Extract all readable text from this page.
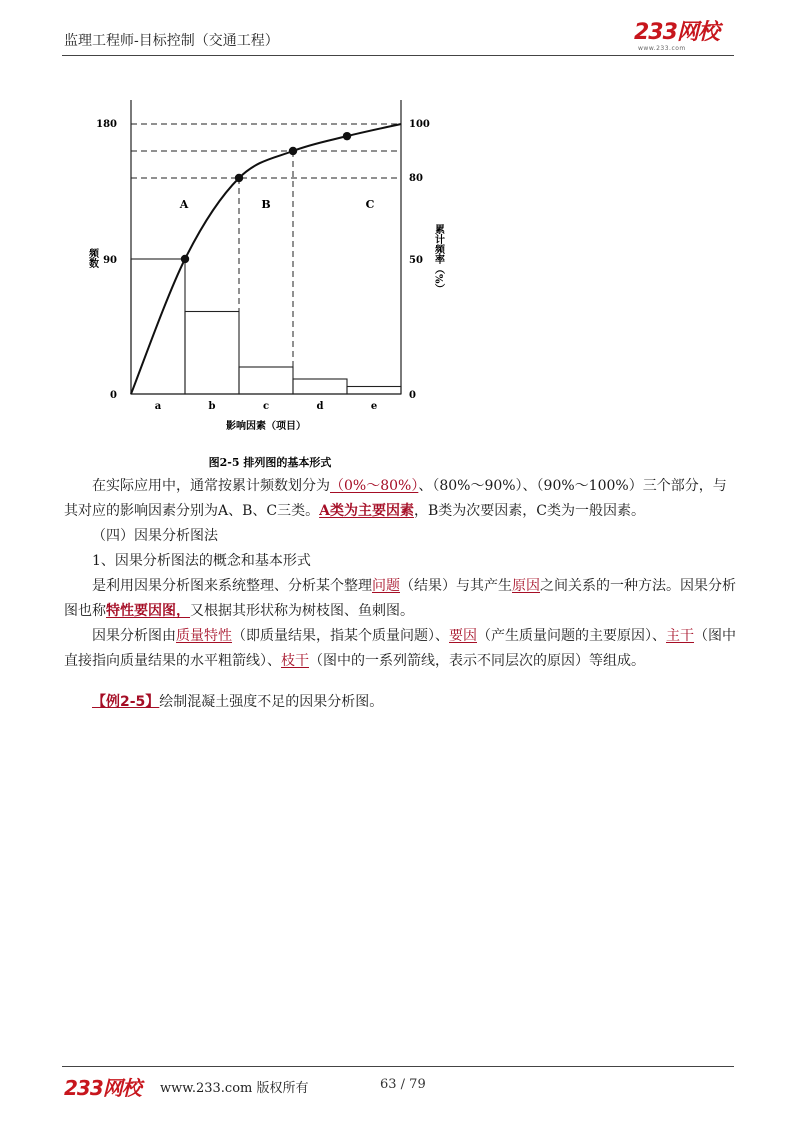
监理工程师-目标控制（交通工程）	233网校
www.233.com
180
90
0
100
80
50
0
频数	累计频率（%）
A	B	C
a	b	c	d	e
影响因素（项目）
图2-5 排列图的基本形式

在实际应用中，通常按累计频数划分为（0%～80%）、（80%～90%）、（90%～100%）三个部分，与其对应的影响因素分别为A、B、C三类。A类为主要因素，B类为次要因素，C类为一般因素。

（四）因果分析图法

1、因果分析图法的概念和基本形式

是利用因果分析图来系统整理、分析某个整理问题（结果）与其产生原因之间关系的一种方法。因果分析图也称特性要因图，又根据其形状称为树枝图、鱼刺图。

因果分析图由质量特性（即质量结果，指某个质量问题）、要因（产生质量问题的主要原因）、主干（图中直接指向质量结果的水平粗箭线）、枝干（图中的一系列箭线，表示不同层次的原因）等组成。

【例2-5】绘制混凝土强度不足的因果分析图。
233网校 www.233.com 版权所有	63 / 79
